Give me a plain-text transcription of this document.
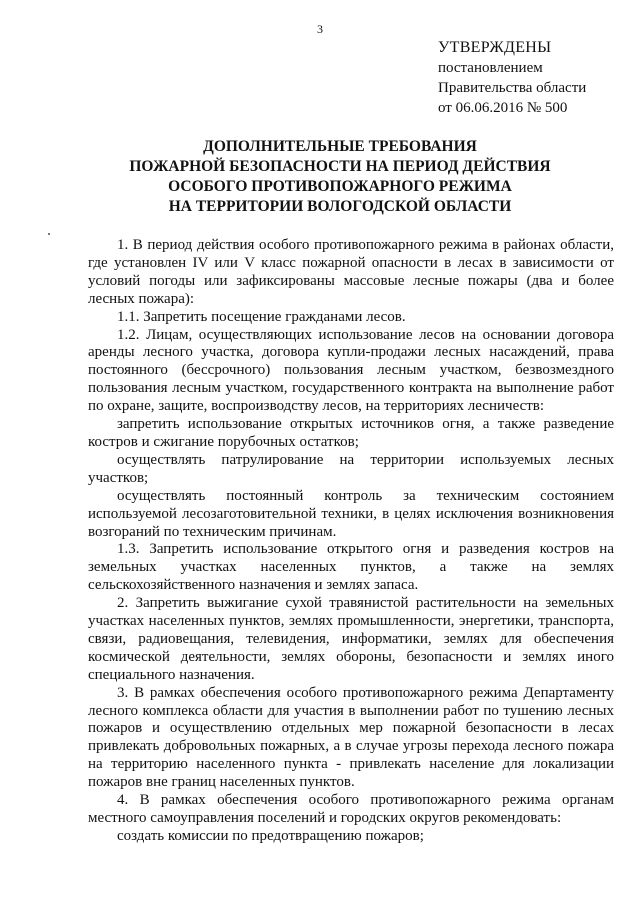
3
УТВЕРЖДЕНЫ
постановлением
Правительства области
от 06.06.2016 № 500
ДОПОЛНИТЕЛЬНЫЕ ТРЕБОВАНИЯ
ПОЖАРНОЙ БЕЗОПАСНОСТИ НА ПЕРИОД ДЕЙСТВИЯ
ОСОБОГО ПРОТИВОПОЖАРНОГО РЕЖИМА
НА ТЕРРИТОРИИ ВОЛОГОДСКОЙ ОБЛАСТИ

1. В период действия особого противопожарного режима в районах области, где установлен IV или V класс пожарной опасности в лесах в зависимости от условий погоды или зафиксированы массовые лесные пожары (два и более лесных пожара):

1.1. Запретить посещение гражданами лесов.

1.2. Лицам, осуществляющих использование лесов на основании договора аренды лесного участка, договора купли-продажи лесных насаждений, права постоянного (бессрочного) пользования лесным участком, безвозмездного пользования лесным участком, государственного контракта на выполнение работ по охране, защите, воспроизводству лесов, на территориях лесничеств:

запретить использование открытых источников огня, а также разведение костров и сжигание порубочных остатков;

осуществлять патрулирование на территории используемых лесных участков;

осуществлять постоянный контроль за техническим состоянием используемой лесозаготовительной техники, в целях исключения возникновения возгораний по техническим причинам.

1.3. Запретить использование открытого огня и разведения костров на земельных участках населенных пунктов, а также на землях сельскохозяйственного назначения и землях запаса.

2. Запретить выжигание сухой травянистой растительности на земельных участках населенных пунктов, землях промышленности, энергетики, транспорта, связи, радиовещания, телевидения, информатики, землях для обеспечения космической деятельности, землях обороны, безопасности и землях иного специального назначения.

3. В рамках обеспечения особого противопожарного режима Департаменту лесного комплекса области для участия в выполнении работ по тушению лесных пожаров и осуществлению отдельных мер пожарной безопасности в лесах привлекать добровольных пожарных, а в случае угрозы перехода лесного пожара на территорию населенного пункта - привлекать население для локализации пожаров вне границ населенных пунктов.

4. В рамках обеспечения особого противопожарного режима органам местного самоуправления поселений и городских округов рекомендовать:

создать комиссии по предотвращению пожаров;
